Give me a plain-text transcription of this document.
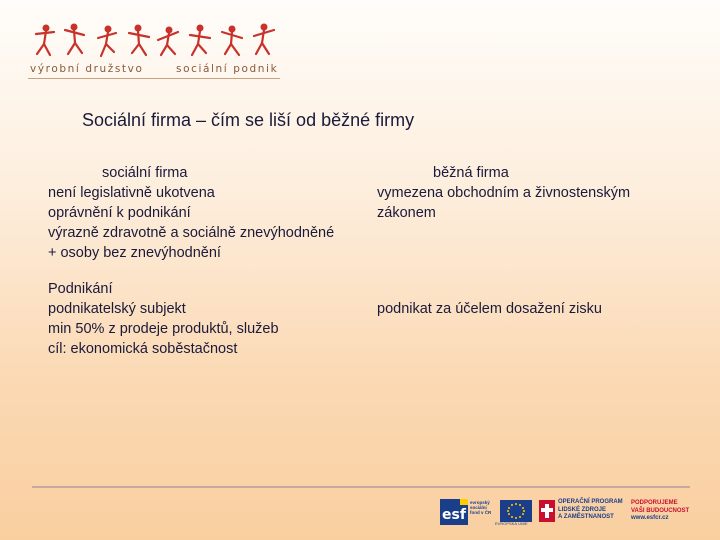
výrobní družstvo	sociální podnik
Sociální firma – čím se liší od běžné firmy
sociální firma
není legislativně ukotvena
oprávnění k podnikání
výrazně zdravotně a sociálně znevýhodněné
+ osoby bez znevýhodnění
Podnikání
podnikatelský subjekt
min 50% z prodeje produktů, služeb
cíl: ekonomická soběstačnost
běžná firma
vymezena obchodním a živnostenským
zákonem
podnikat za účelem dosažení zisku
esf
evropský
sociální
fond v ČR
EVROPSKÁ UNIE
OPERAČNÍ PROGRAM
LIDSKÉ ZDROJE
A ZAMĚSTNANOST
PODPORUJEME
VAŠI BUDOUCNOST
www.esfcr.cz
